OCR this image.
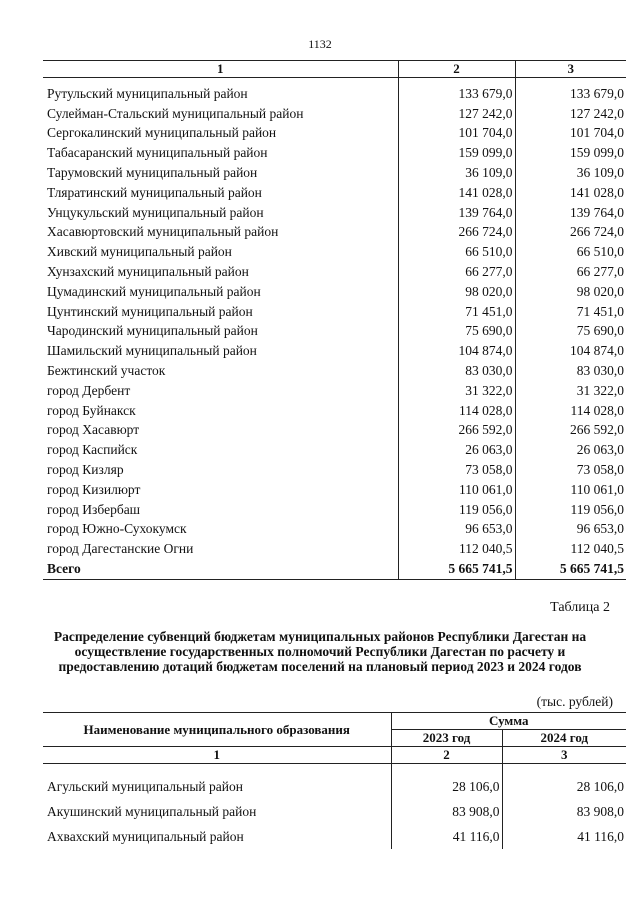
1132
1	2	3
Рутульский муниципальный район	133 679,0	133 679,0
Сулейман-Стальский муниципальный район	127 242,0	127 242,0
Сергокалинский муниципальный район	101 704,0	101 704,0
Табасаранский муниципальный район	159 099,0	159 099,0
Тарумовский муниципальный район	36 109,0	36 109,0
Тляратинский муниципальный район	141 028,0	141 028,0
Унцукульский муниципальный район	139 764,0	139 764,0
Хасавюртовский муниципальный район	266 724,0	266 724,0
Хивский муниципальный район	66 510,0	66 510,0
Хунзахский муниципальный район	66 277,0	66 277,0
Цумадинский муниципальный район	98 020,0	98 020,0
Цунтинский муниципальный район	71 451,0	71 451,0
Чародинский муниципальный район	75 690,0	75 690,0
Шамильский муниципальный район	104 874,0	104 874,0
Бежтинский участок	83 030,0	83 030,0
город Дербент	31 322,0	31 322,0
город Буйнакск	114 028,0	114 028,0
город Хасавюрт	266 592,0	266 592,0
город Каспийск	26 063,0	26 063,0
город Кизляр	73 058,0	73 058,0
город Кизилюрт	110 061,0	110 061,0
город Избербаш	119 056,0	119 056,0
город Южно-Сухокумск	96 653,0	96 653,0
город Дагестанские Огни	112 040,5	112 040,5
Всего	5 665 741,5	5 665 741,5
Таблица 2
Распределение субвенций бюджетам муниципальных районов Республики Дагестан на осуществление государственных полномочий Республики Дагестан по расчету и предоставлению дотаций бюджетам поселений на плановый период 2023 и 2024 годов
(тыс. рублей)
Наименование муниципального образования	Сумма	
	2023 год	2024 год
1	2	3
Агульский муниципальный район	28 106,0	28 106,0
Акушинский муниципальный район	83 908,0	83 908,0
Ахвахский муниципальный район	41 116,0	41 116,0
